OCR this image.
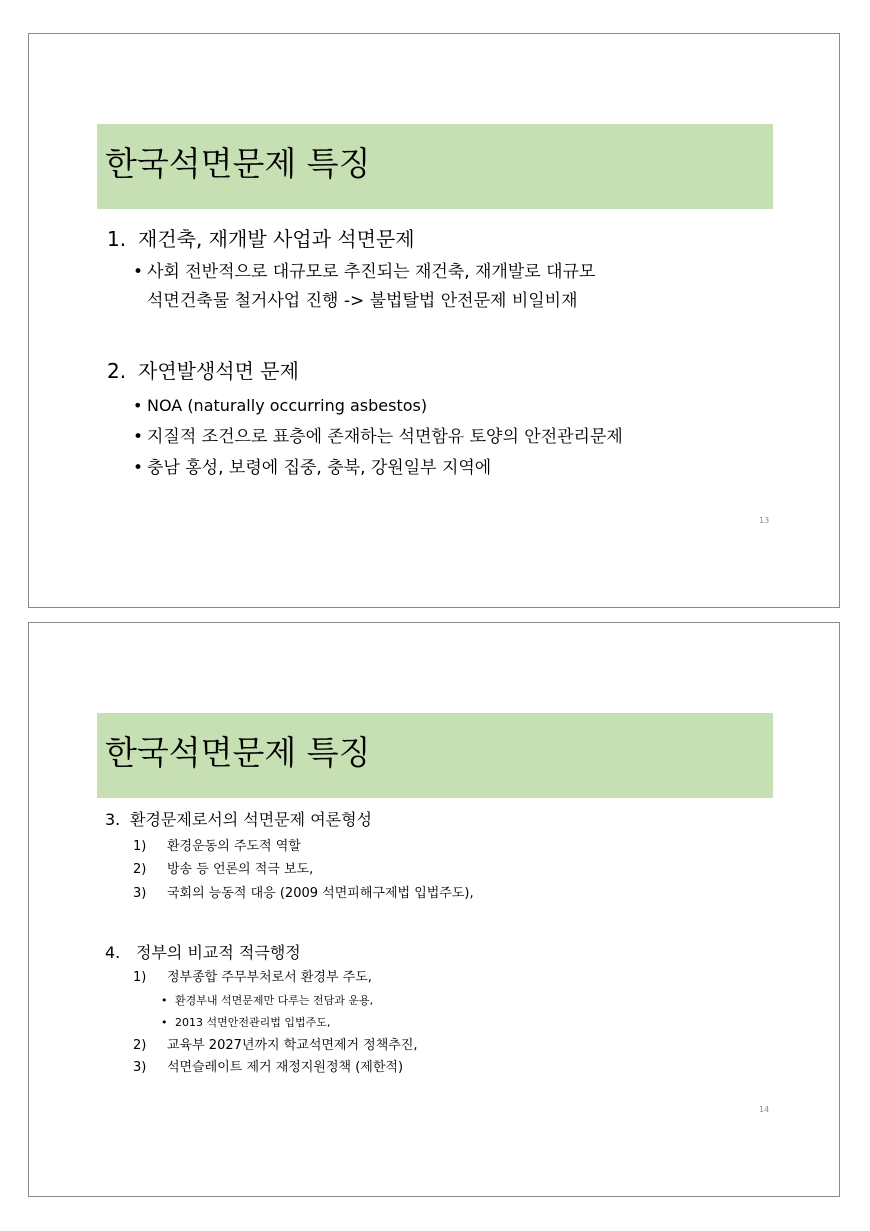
한국석면문제 특징
1. 재건축, 재개발 사업과 석면문제
• 사회 전반적으로 대규모로 추진되는 재건축, 재개발로 대규모
석면건축물 철거사업 진행 -> 불법탈법 안전문제 비일비재
2. 자연발생석면 문제
• NOA (naturally occurring asbestos)
• 지질적 조건으로 표층에 존재하는 석면함유 토양의 안전관리문제
• 충남 홍성, 보령에 집중, 충북, 강원일부 지역에
13
한국석면문제 특징
3. 환경문제로서의 석면문제 여론형성
1) 환경운동의 주도적 역할
2) 방송 등 언론의 적극 보도,
3) 국회의 능동적 대응 (2009 석면피해구제법 입법주도),
4. 정부의 비교적 적극행정
1) 정부종합 주무부처로서 환경부 주도,
• 환경부내 석면문제만 다루는 전담과 운용,
• 2013 석면안전관리법 입법주도,
2) 교육부 2027년까지 학교석면제거 정책추진,
3) 석면슬레이트 제거 재정지원정책 (제한적)
14
